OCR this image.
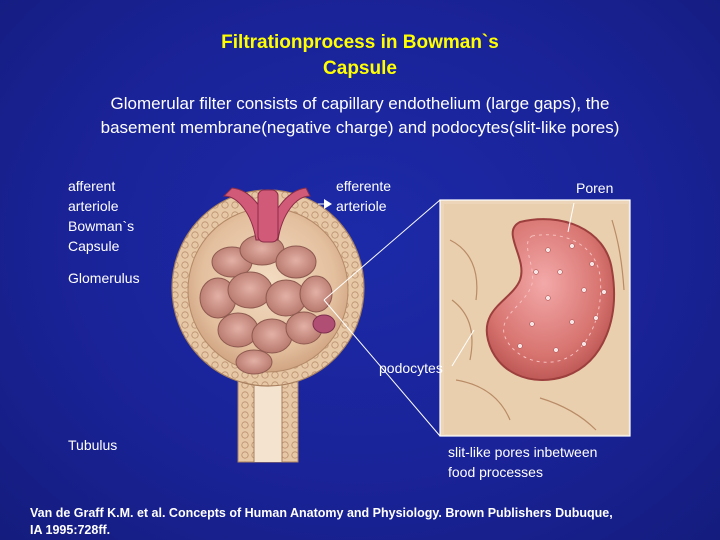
Filtrationprocess in Bowman`s
Capsule
Glomerular filter consists of capillary endothelium (large gaps), the
basement membrane(negative charge) and podocytes(slit-like pores)
afferent
arteriole
Bowman`s
Capsule
Glomerulus
efferente
arteriole
Poren
podocytes
Tubulus	slit-like pores inbetween
food processes
Van de Graff K.M. et al. Concepts of Human Anatomy and Physiology. Brown Publishers Dubuque,
IA 1995:728ff.
